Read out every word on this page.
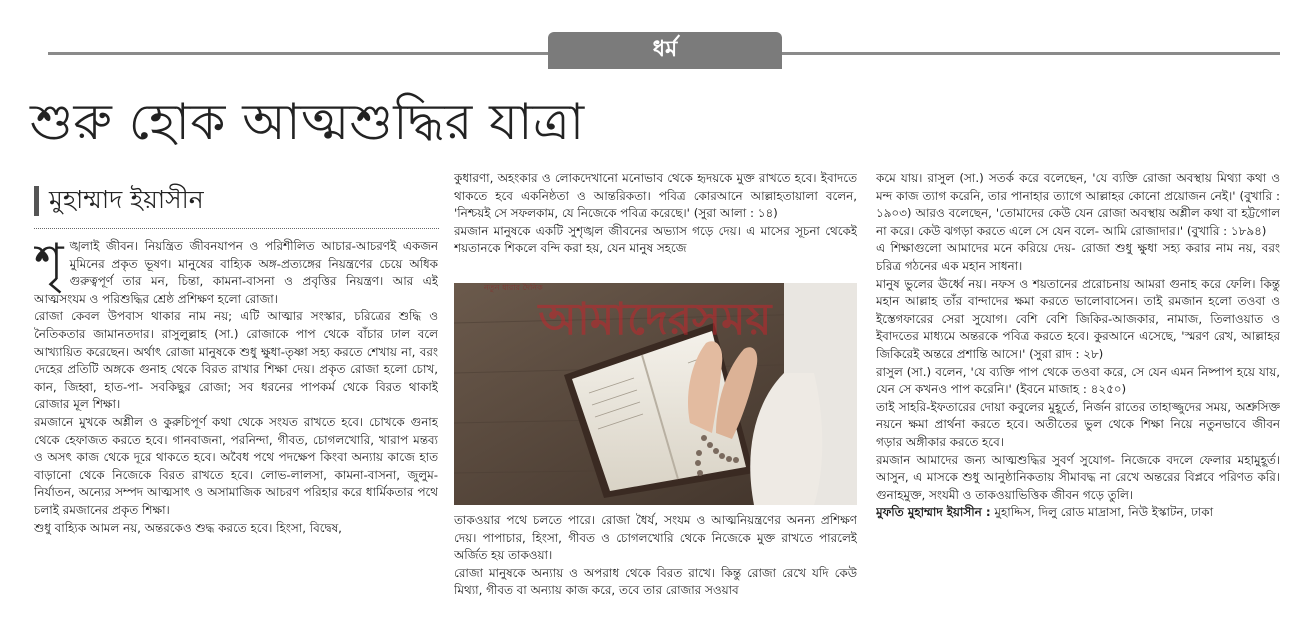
ধর্ম
শুরু হোক আত্মশুদ্ধির যাত্রা
মুহাম্মাদ ইয়াসীন

শৃঙ্খলাই জীবন। নিয়ন্ত্রিত জীবনযাপন ও পরিশীলিত আচার-আচরণই একজন মুমিনের প্রকৃত ভূষণ। মানুষের বাহ্যিক অঙ্গ-প্রত্যঙ্গের নিয়ন্ত্রণের চেয়ে অধিক গুরুত্বপূর্ণ তার মন, চিন্তা, কামনা-বাসনা ও প্রবৃত্তির নিয়ন্ত্রণ। আর এই আত্মসংযম ও পরিশুদ্ধির শ্রেষ্ঠ প্রশিক্ষণ হলো রোজা।

রোজা কেবল উপবাস থাকার নাম নয়; এটি আত্মার সংস্কার, চরিত্রের শুদ্ধি ও নৈতিকতার জামানতদার। রাসুলুল্লাহ (সা.) রোজাকে পাপ থেকে বাঁচার ঢাল বলে আখ্যায়িত করেছেন। অর্থাৎ রোজা মানুষকে শুধু ক্ষুধা-তৃষ্ণা সহ্য করতে শেখায় না, বরং দেহের প্রতিটি অঙ্গকে গুনাহ থেকে বিরত রাখার শিক্ষা দেয়। প্রকৃত রোজা হলো চোখ, কান, জিহ্বা, হাত-পা- সবকিছুর রোজা; সব ধরনের পাপকর্ম থেকে বিরত থাকাই রোজার মূল শিক্ষা।

রমজানে মুখকে অশ্লীল ও কুরুচিপূর্ণ কথা থেকে সংযত রাখতে হবে। চোখকে গুনাহ থেকে হেফাজত করতে হবে। গানবাজনা, পরনিন্দা, গীবত, চোগলখোরি, খারাপ মন্তব্য ও অসৎ কাজ থেকে দূরে থাকতে হবে। অবৈধ পথে পদক্ষেপ কিংবা অন্যায় কাজে হাত বাড়ানো থেকে নিজেকে বিরত রাখতে হবে। লোভ-লালসা, কামনা-বাসনা, জুলুম-নির্যাতন, অন্যের সম্পদ আত্মসাৎ ও অসামাজিক আচরণ পরিহার করে ধার্মিকতার পথে চলাই রমজানের প্রকৃত শিক্ষা।

শুধু বাহ্যিক আমল নয়, অন্তরকেও শুদ্ধ করতে হবে। হিংসা, বিদ্বেষ,

কুধারণা, অহংকার ও লোকদেখানো মনোভাব থেকে হৃদয়কে মুক্ত রাখতে হবে। ইবাদতে থাকতে হবে একনিষ্ঠতা ও আন্তরিকতা। পবিত্র কোরআনে আল্লাহতায়ালা বলেন, 'নিশ্চয়ই সে সফলকাম, যে নিজেকে পবিত্র করেছে।' (সুরা আলা : ১৪)

রমজান মানুষকে একটি সুশৃঙ্খল জীবনের অভ্যাস গড়ে দেয়। এ মাসের সূচনা থেকেই শয়তানকে শিকলে বন্দি করা হয়, যেন মানুষ সহজে

নতুন ধারার দৈনিক
আমাদেরসময়

তাকওয়ার পথে চলতে পারে। রোজা ধৈর্য, সংযম ও আত্মনিয়ন্ত্রণের অনন্য প্রশিক্ষণ দেয়। পাপাচার, হিংসা, গীবত ও চোগলখোরি থেকে নিজেকে মুক্ত রাখতে পারলেই অর্জিত হয় তাকওয়া।

রোজা মানুষকে অন্যায় ও অপরাধ থেকে বিরত রাখে। কিন্তু রোজা রেখে যদি কেউ মিথ্যা, গীবত বা অন্যায় কাজ করে, তবে তার রোজার সওয়াব

কমে যায়। রাসুল (সা.) সতর্ক করে বলেছেন, 'যে ব্যক্তি রোজা অবস্থায় মিথ্যা কথা ও মন্দ কাজ ত্যাগ করেনি, তার পানাহার ত্যাগে আল্লাহর কোনো প্রয়োজন নেই।' (বুখারি : ১৯০৩) আরও বলেছেন, 'তোমাদের কেউ যেন রোজা অবস্থায় অশ্লীল কথা বা হট্টগোল না করে। কেউ ঝগড়া করতে এলে সে যেন বলে- আমি রোজাদার।' (বুখারি : ১৮৯৪)

এ শিক্ষাগুলো আমাদের মনে করিয়ে দেয়- রোজা শুধু ক্ষুধা সহ্য করার নাম নয়, বরং চরিত্র গঠনের এক মহান সাধনা।

মানুষ ভুলের ঊর্ধ্বে নয়। নফস ও শয়তানের প্ররোচনায় আমরা গুনাহ করে ফেলি। কিন্তু মহান আল্লাহ তাঁর বান্দাদের ক্ষমা করতে ভালোবাসেন। তাই রমজান হলো তওবা ও ইস্তেগফারের সেরা সুযোগ। বেশি বেশি জিকির-আজকার, নামাজ, তিলাওয়াত ও ইবাদতের মাধ্যমে অন্তরকে পবিত্র করতে হবে। কুরআনে এসেছে, 'স্মরণ রেখ, আল্লাহর জিকিরেই অন্তরে প্রশান্তি আসে।' (সুরা রাদ : ২৮)

রাসুল (সা.) বলেন, 'যে ব্যক্তি পাপ থেকে তওবা করে, সে যেন এমন নিষ্পাপ হয়ে যায়, যেন সে কখনও পাপ করেনি।' (ইবনে মাজাহ : ৪২৫০)

তাই সাহরি-ইফতারের দোয়া কবুলের মুহূর্তে, নির্জন রাতের তাহাজ্জুদের সময়, অশ্রুসিক্ত নয়নে ক্ষমা প্রার্থনা করতে হবে। অতীতের ভুল থেকে শিক্ষা নিয়ে নতুনভাবে জীবন গড়ার অঙ্গীকার করতে হবে।

রমজান আমাদের জন্য আত্মশুদ্ধির সুবর্ণ সুযোগ- নিজেকে বদলে ফেলার মহামুহূর্ত। আসুন, এ মাসকে শুধু আনুষ্ঠানিকতায় সীমাবদ্ধ না রেখে অন্তরের বিপ্লবে পরিণত করি। গুনাহমুক্ত, সংযমী ও তাকওয়াভিত্তিক জীবন গড়ে তুলি।

মুফতি মুহাম্মাদ ইয়াসীন : মুহাদ্দিস, দিলু রোড মাদ্রাসা, নিউ ইস্কাটন, ঢাকা
